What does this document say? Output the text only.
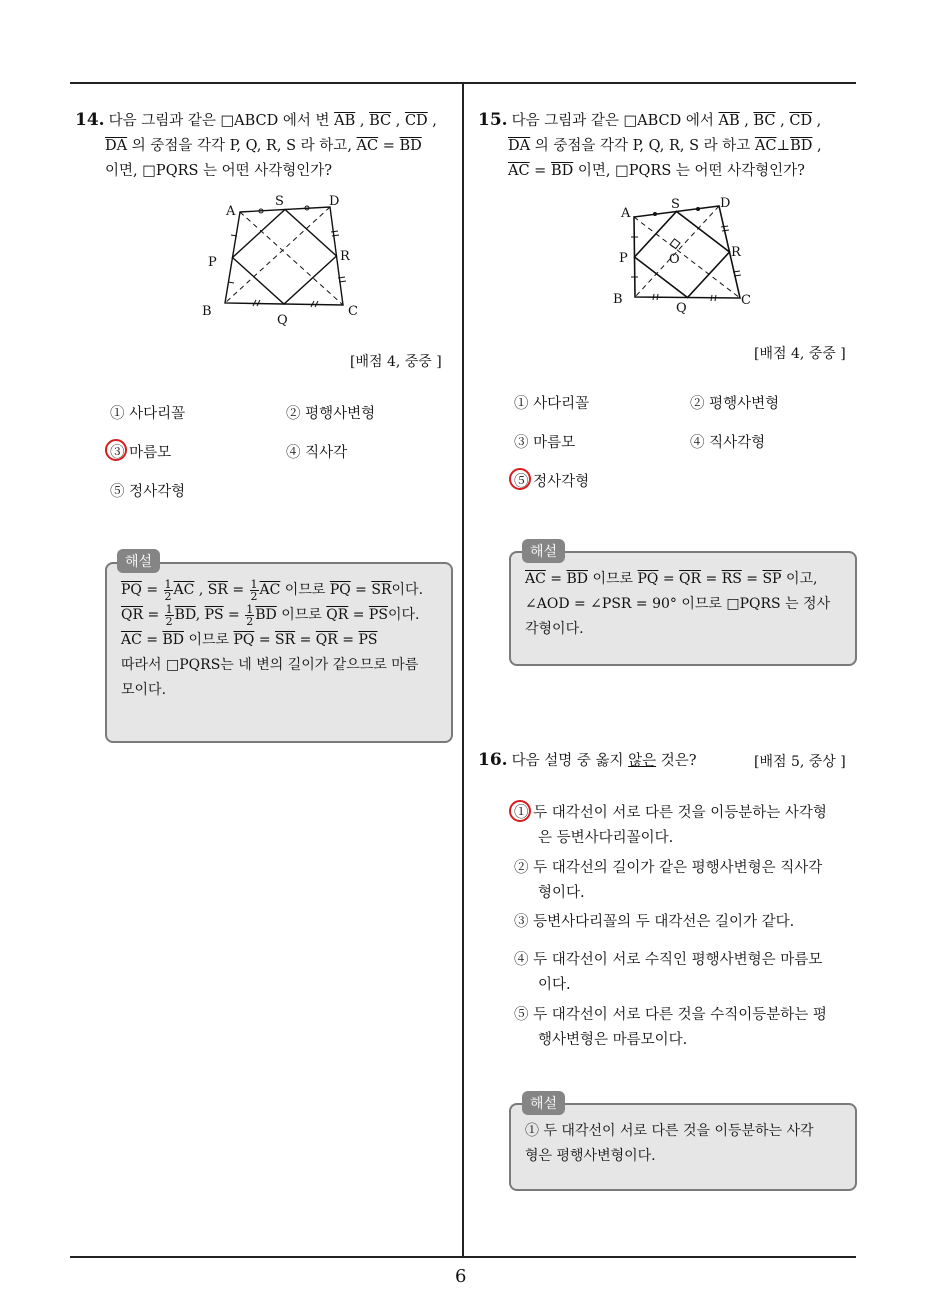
6
14. 다음 그림과 같은 □ABCD 에서 변 $\overline{AB}$ , $\overline{BC}$ , $\overline{CD}$ ,
$\overline{DA}$ 의 중점을 각각 P, Q, R, S 라 하고, $\overline{AC} = \overline{BD}$
이면, □PQRS 는 어떤 사각형인가?
A
S	D
P	R
B
Q
C
[배점 4, 중중 ]
① 사다리꼴	② 평행사변형
③ 마름모	④ 직사각
⑤ 정사각형
$\overline{PQ} = \frac{1}{2} \overline{AC}$ , $\overline{SR} = \frac{1}{2} \overline{AC}$ 이므로 $\overline{PQ} = \overline{SR}$이다.
$\overline{QR} = \frac{1}{2} \overline{BD}$, $\overline{PS} = \frac{1}{2} \overline{BD}$ 이므로 $\overline{QR} = \overline{PS}$이다.
$\overline{AC} = \overline{BD}$ 이므로 $\overline{PQ} = \overline{SR} = \overline{QR} = \overline{PS}$
따라서 □PQRS는 네 변의 길이가 같으므로 마름
모이다.
해설
15. 다음 그림과 같은 □ABCD 에서 $\overline{AB}$ , $\overline{BC}$ , $\overline{CD}$ ,
$\overline{DA}$ 의 중점을 각각 P, Q, R, S 라 하고 $\overline{AC}\perp\overline{BD}$ ,
$\overline{AC} = \overline{BD}$ 이면, □PQRS 는 어떤 사각형인가?
A
S	D
P	O	R
B
Q
C
[배점 4, 중중 ]
① 사다리꼴	② 평행사변형
③ 마름모	④ 직사각형
⑤ 정사각형
$\overline{AC} = \overline{BD}$ 이므로 $\overline{PQ} = \overline{QR} = \overline{RS} = \overline{SP}$ 이고,
∠AOD = ∠PSR = 90° 이므로 □PQRS 는 정사
각형이다.
해설
16. 다음 설명 중 옳지 않은 것은?	[배점 5, 중상 ]
① 두 대각선이 서로 다른 것을 이등분하는 사각형
은 등변사다리꼴이다.
② 두 대각선의 길이가 같은 평행사변형은 직사각
형이다.
③ 등변사다리꼴의 두 대각선은 길이가 같다.
④ 두 대각선이 서로 수직인 평행사변형은 마름모
이다.
⑤ 두 대각선이 서로 다른 것을 수직이등분하는 평
행사변형은 마름모이다.
① 두 대각선이 서로 다른 것을 이등분하는 사각
형은 평행사변형이다.
해설
